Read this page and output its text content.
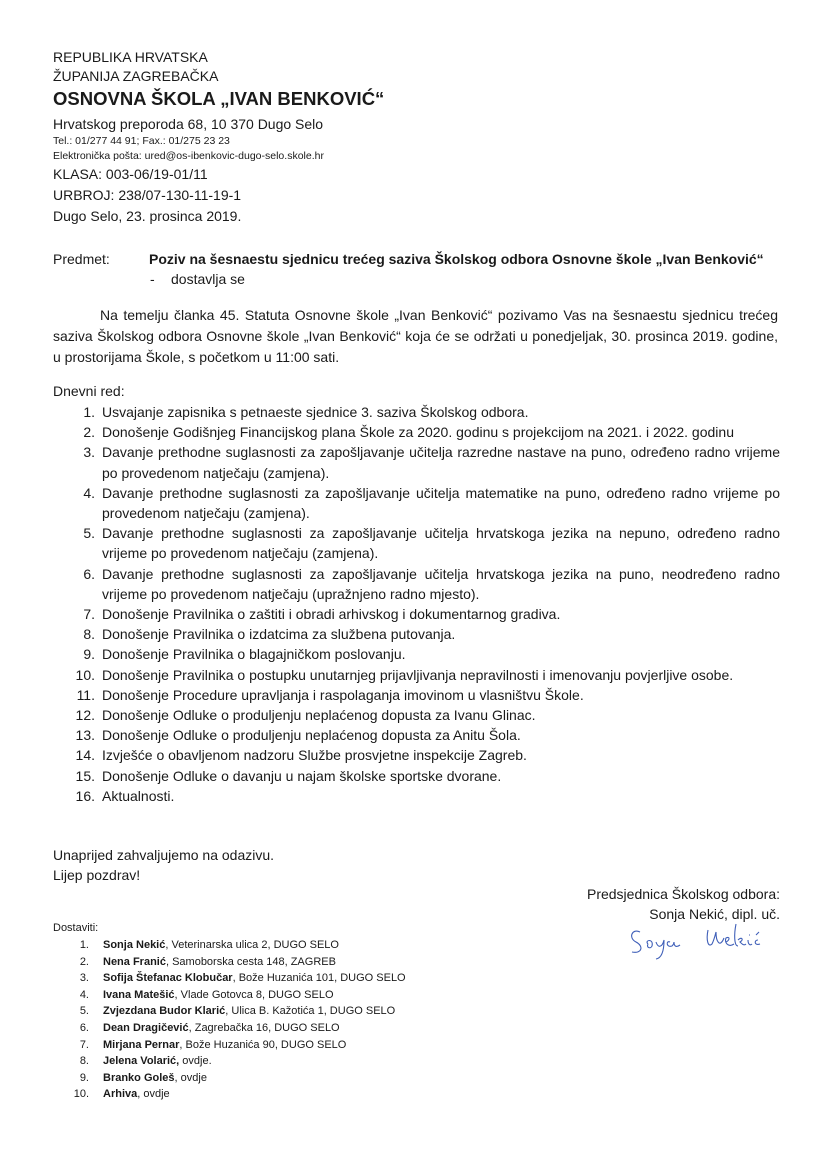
REPUBLIKA HRVATSKA
ŽUPANIJA ZAGREBAČKA
OSNOVNA ŠKOLA „IVAN BENKOVIĆ“
Hrvatskog preporoda 68, 10 370 Dugo Selo
Tel.: 01/277 44 91; Fax.: 01/275 23 23
Elektronička pošta: ured@os-ibenkovic-dugo-selo.skole.hr
KLASA: 003-06/19-01/11
URBROJ: 238/07-130-11-19-1
Dugo Selo, 23. prosinca 2019.
Predmet:	Poziv na šesnaestu sjednicu trećeg saziva Školskog odbora Osnovne škole „Ivan Benković“
- dostavlja se

Na temelju članka 45. Statuta Osnovne škole „Ivan Benković“ pozivamo Vas na šesnaestu sjednicu trećeg saziva Školskog odbora Osnovne škole „Ivan Benković“ koja će se održati u ponedjeljak, 30. prosinca 2019. godine, u prostorijama Škole, s početkom u 11:00 sati.

Dnevni red:
1. Usvajanje zapisnika s petnaeste sjednice 3. saziva Školskog odbora.
2. Donošenje Godišnjeg Financijskog plana Škole za 2020. godinu s projekcijom na 2021. i 2022. godinu
3. Davanje prethodne suglasnosti za zapošljavanje učitelja razredne nastave na puno, određeno radno vrijeme po provedenom natječaju (zamjena).
4. Davanje prethodne suglasnosti za zapošljavanje učitelja matematike na puno, određeno radno vrijeme po provedenom natječaju (zamjena).
5. Davanje prethodne suglasnosti za zapošljavanje učitelja hrvatskoga jezika na nepuno, određeno radno vrijeme po provedenom natječaju (zamjena).
6. Davanje prethodne suglasnosti za zapošljavanje učitelja hrvatskoga jezika na puno, neodređeno radno vrijeme po provedenom natječaju (upražnjeno radno mjesto).
7. Donošenje Pravilnika o zaštiti i obradi arhivskog i dokumentarnog gradiva.
8. Donošenje Pravilnika o izdatcima za službena putovanja.
9. Donošenje Pravilnika o blagajničkom poslovanju.
10. Donošenje Pravilnika o postupku unutarnjeg prijavljivanja nepravilnosti i imenovanju povjerljive osobe.
11. Donošenje Procedure upravljanja i raspolaganja imovinom u vlasništvu Škole.
12. Donošenje Odluke o produljenju neplaćenog dopusta za Ivanu Glinac.
13. Donošenje Odluke o produljenju neplaćenog dopusta za Anitu Šola.
14. Izvješće o obavljenom nadzoru Službe prosvjetne inspekcije Zagreb.
15. Donošenje Odluke o davanju u najam školske sportske dvorane.
16. Aktualnosti.
Unaprijed zahvaljujemo na odazivu.
Lijep pozdrav!
Predsjednica Školskog odbora:
Sonja Nekić, dipl. uč.
Dostaviti:
1. Sonja Nekić, Veterinarska ulica 2, DUGO SELO
2. Nena Franić, Samoborska cesta 148, ZAGREB
3. Sofija Štefanac Klobučar, Bože Huzanića 101, DUGO SELO
4. Ivana Matešić, Vlade Gotovca 8, DUGO SELO
5. Zvjezdana Budor Klarić, Ulica B. Kažotića 1, DUGO SELO
6. Dean Dragičević, Zagrebačka 16, DUGO SELO
7. Mirjana Pernar, Bože Huzanića 90, DUGO SELO
8. Jelena Volarić, ovdje.
9. Branko Goleš, ovdje
10. Arhiva, ovdje
